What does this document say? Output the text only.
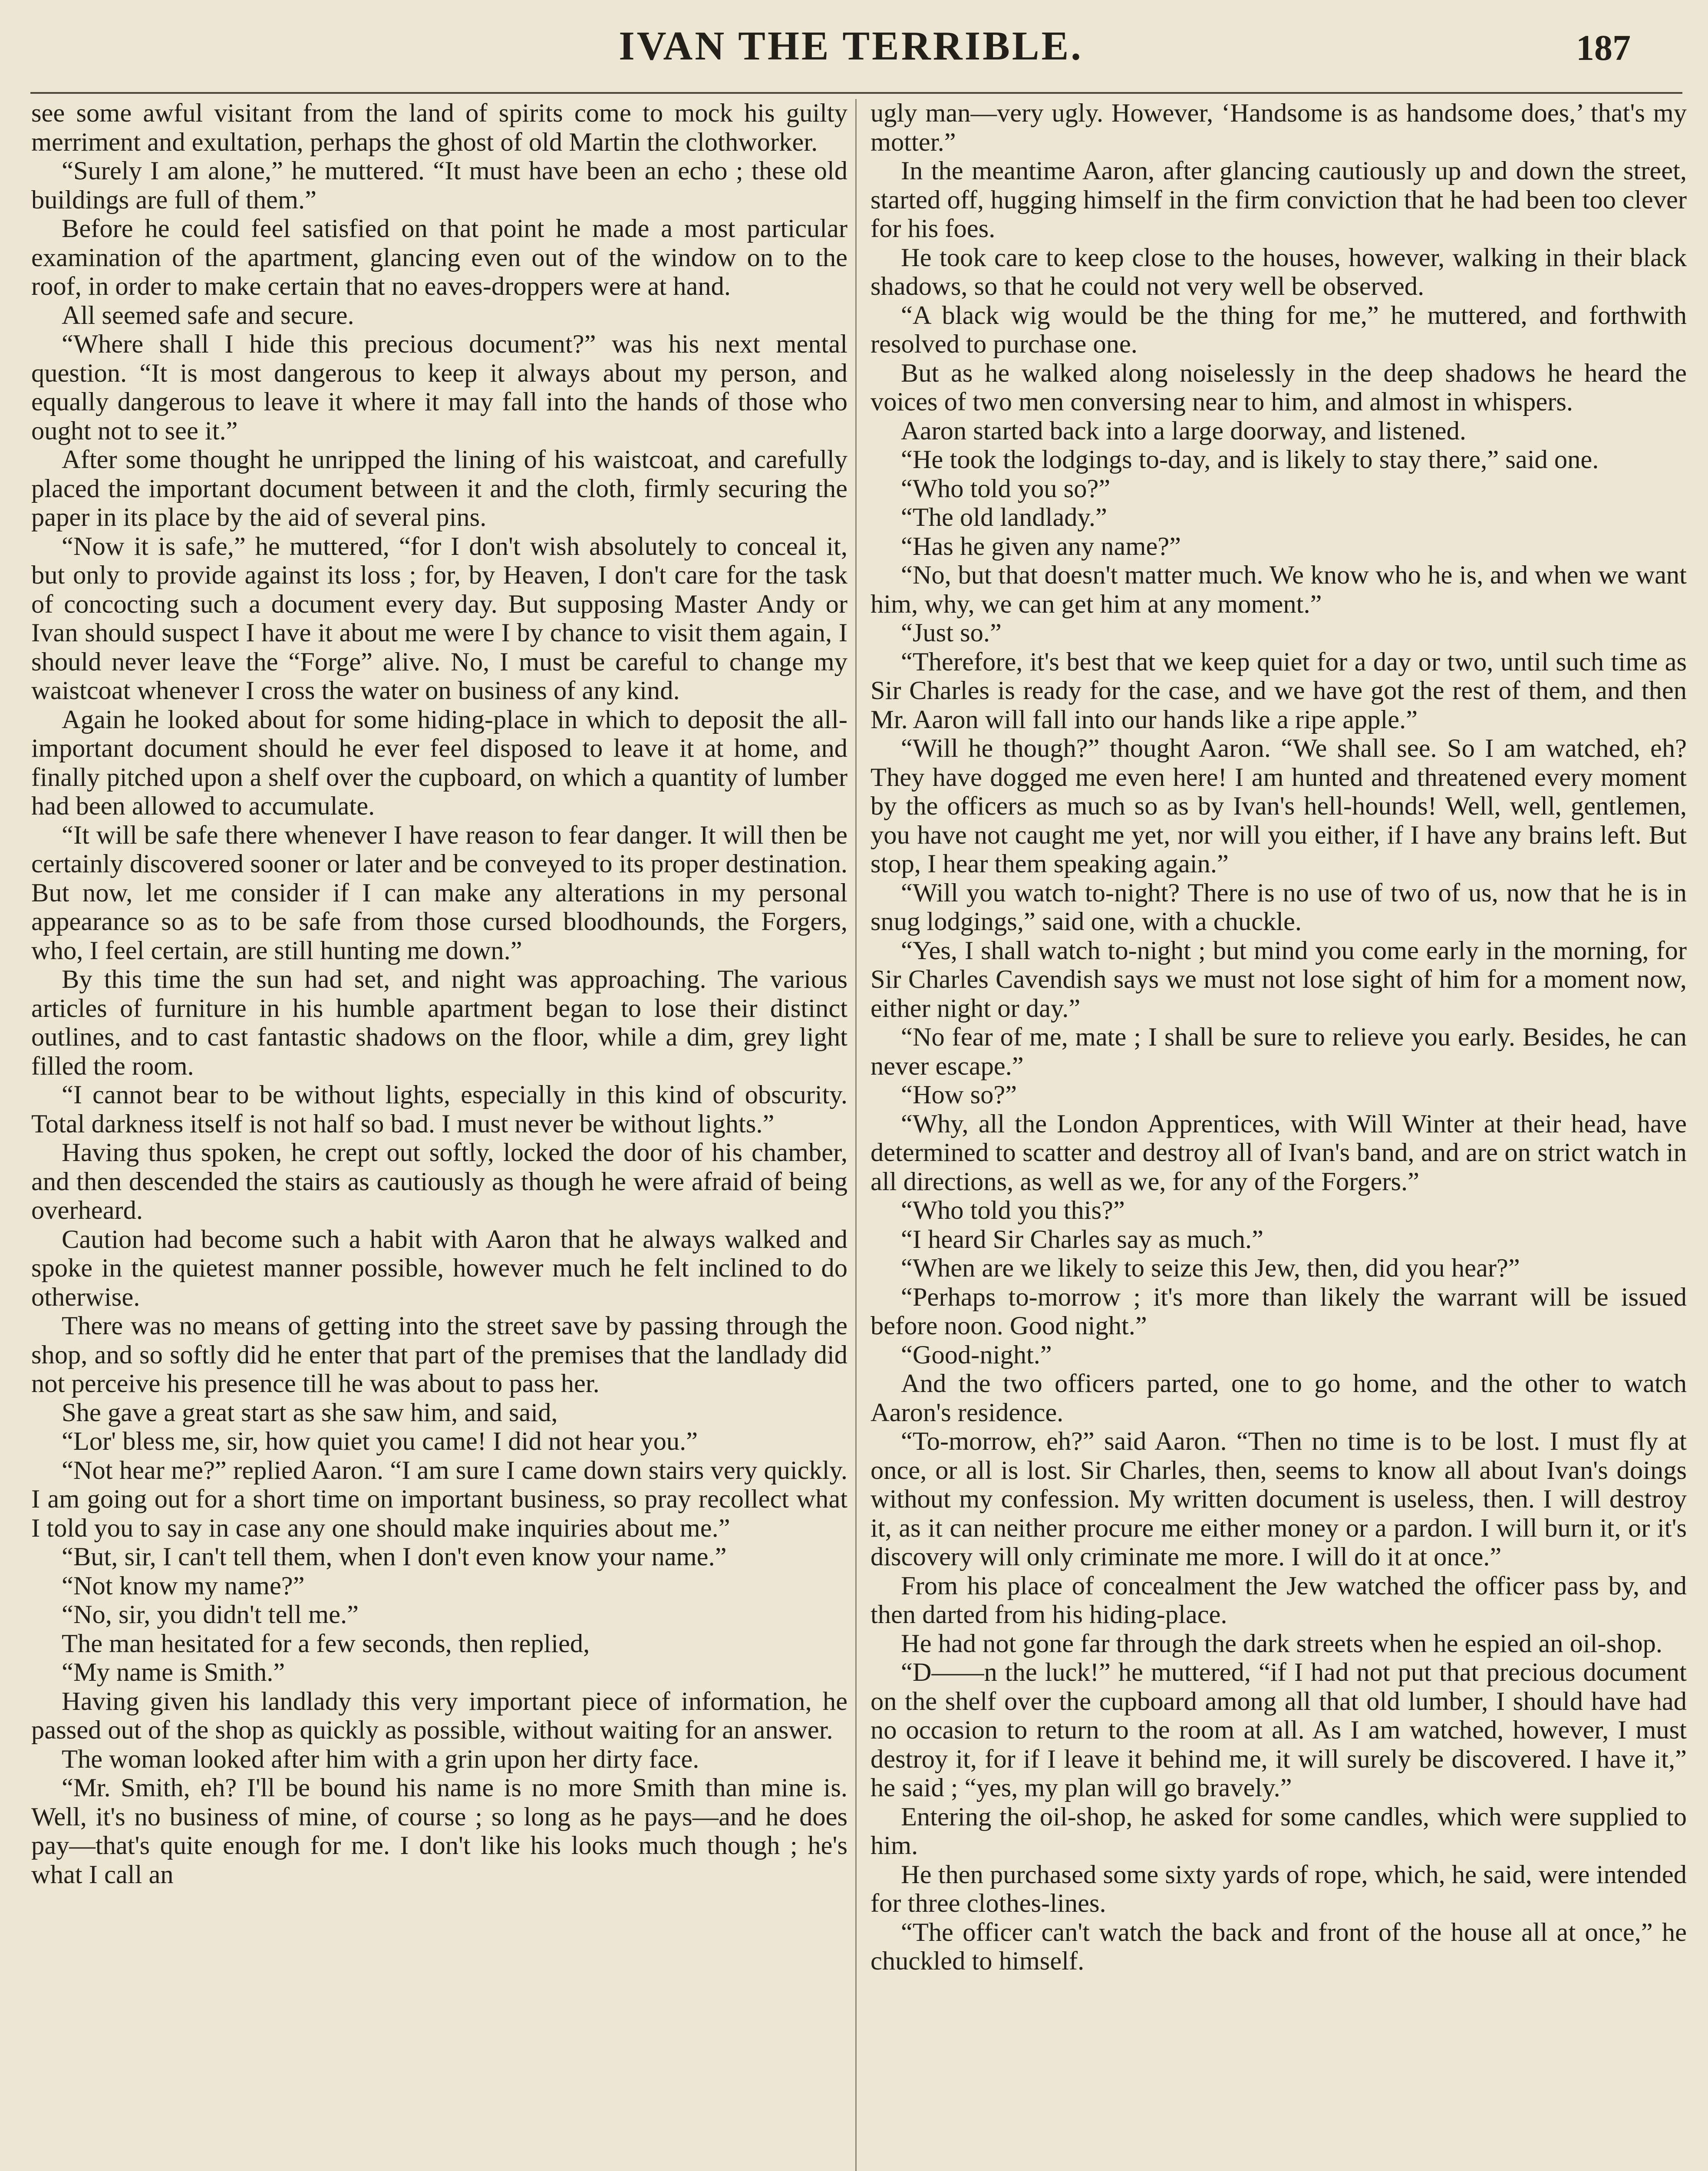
IVAN THE TERRIBLE.	187

see some awful visitant from the land of spirits come to mock his guilty merriment and exultation, perhaps the ghost of old Martin the clothworker.

“Surely I am alone,” he muttered. “It must have been an echo ; these old buildings are full of them.”

Before he could feel satisfied on that point he made a most particular examination of the apartment, glancing even out of the window on to the roof, in order to make certain that no eaves-droppers were at hand.

All seemed safe and secure.

“Where shall I hide this precious document?” was his next mental question. “It is most dangerous to keep it always about my person, and equally dangerous to leave it where it may fall into the hands of those who ought not to see it.”

After some thought he unripped the lining of his waistcoat, and carefully placed the important document between it and the cloth, firmly securing the paper in its place by the aid of several pins.

“Now it is safe,” he muttered, “for I don't wish absolutely to conceal it, but only to provide against its loss ; for, by Heaven, I don't care for the task of concocting such a document every day. But supposing Master Andy or Ivan should suspect I have it about me were I by chance to visit them again, I should never leave the “Forge” alive. No, I must be careful to change my waistcoat whenever I cross the water on business of any kind.

Again he looked about for some hiding-place in which to deposit the all-important document should he ever feel disposed to leave it at home, and finally pitched upon a shelf over the cupboard, on which a quantity of lumber had been allowed to accumulate.

“It will be safe there whenever I have reason to fear danger. It will then be certainly discovered sooner or later and be conveyed to its proper destination. But now, let me consider if I can make any alterations in my personal appearance so as to be safe from those cursed bloodhounds, the Forgers, who, I feel certain, are still hunting me down.”

By this time the sun had set, and night was approaching. The various articles of furniture in his humble apartment began to lose their distinct outlines, and to cast fantastic shadows on the floor, while a dim, grey light filled the room.

“I cannot bear to be without lights, especially in this kind of obscurity. Total darkness itself is not half so bad. I must never be without lights.”

Having thus spoken, he crept out softly, locked the door of his chamber, and then descended the stairs as cautiously as though he were afraid of being overheard.

Caution had become such a habit with Aaron that he always walked and spoke in the quietest manner possible, however much he felt inclined to do otherwise.

There was no means of getting into the street save by passing through the shop, and so softly did he enter that part of the premises that the landlady did not perceive his presence till he was about to pass her.

She gave a great start as she saw him, and said,

“Lor' bless me, sir, how quiet you came! I did not hear you.”

“Not hear me?” replied Aaron. “I am sure I came down stairs very quickly. I am going out for a short time on important business, so pray recollect what I told you to say in case any one should make inquiries about me.”

“But, sir, I can't tell them, when I don't even know your name.”

“Not know my name?”

“No, sir, you didn't tell me.”

The man hesitated for a few seconds, then replied,

“My name is Smith.”

Having given his landlady this very important piece of information, he passed out of the shop as quickly as possible, without waiting for an answer.

The woman looked after him with a grin upon her dirty face.

“Mr. Smith, eh? I'll be bound his name is no more Smith than mine is. Well, it's no business of mine, of course ; so long as he pays—and he does pay—that's quite enough for me. I don't like his looks much though ; he's what I call an

ugly man—very ugly. However, ‘Handsome is as handsome does,’ that's my motter.”

In the meantime Aaron, after glancing cautiously up and down the street, started off, hugging himself in the firm conviction that he had been too clever for his foes.

He took care to keep close to the houses, however, walking in their black shadows, so that he could not very well be observed.

“A black wig would be the thing for me,” he muttered, and forthwith resolved to purchase one.

But as he walked along noiselessly in the deep shadows he heard the voices of two men conversing near to him, and almost in whispers.

Aaron started back into a large doorway, and listened.

“He took the lodgings to-day, and is likely to stay there,” said one.

“Who told you so?”

“The old landlady.”

“Has he given any name?”

“No, but that doesn't matter much. We know who he is, and when we want him, why, we can get him at any moment.”

“Just so.”

“Therefore, it's best that we keep quiet for a day or two, until such time as Sir Charles is ready for the case, and we have got the rest of them, and then Mr. Aaron will fall into our hands like a ripe apple.”

“Will he though?” thought Aaron. “We shall see. So I am watched, eh? They have dogged me even here! I am hunted and threatened every moment by the officers as much so as by Ivan's hell-hounds! Well, well, gentlemen, you have not caught me yet, nor will you either, if I have any brains left. But stop, I hear them speaking again.”

“Will you watch to-night? There is no use of two of us, now that he is in snug lodgings,” said one, with a chuckle.

“Yes, I shall watch to-night ; but mind you come early in the morning, for Sir Charles Cavendish says we must not lose sight of him for a moment now, either night or day.”

“No fear of me, mate ; I shall be sure to relieve you early. Besides, he can never escape.”

“How so?”

“Why, all the London Apprentices, with Will Winter at their head, have determined to scatter and destroy all of Ivan's band, and are on strict watch in all directions, as well as we, for any of the Forgers.”

“Who told you this?”

“I heard Sir Charles say as much.”

“When are we likely to seize this Jew, then, did you hear?”

“Perhaps to-morrow ; it's more than likely the warrant will be issued before noon. Good night.”

“Good-night.”

And the two officers parted, one to go home, and the other to watch Aaron's residence.

“To-morrow, eh?” said Aaron. “Then no time is to be lost. I must fly at once, or all is lost. Sir Charles, then, seems to know all about Ivan's doings without my confession. My written document is useless, then. I will destroy it, as it can neither procure me either money or a pardon. I will burn it, or it's discovery will only criminate me more. I will do it at once.”

From his place of concealment the Jew watched the officer pass by, and then darted from his hiding-place.

He had not gone far through the dark streets when he espied an oil-shop.

“D——n the luck!” he muttered, “if I had not put that precious document on the shelf over the cupboard among all that old lumber, I should have had no occasion to return to the room at all. As I am watched, however, I must destroy it, for if I leave it behind me, it will surely be discovered. I have it,” he said ; “yes, my plan will go bravely.”

Entering the oil-shop, he asked for some candles, which were supplied to him.

He then purchased some sixty yards of rope, which, he said, were intended for three clothes-lines.

“The officer can't watch the back and front of the house all at once,” he chuckled to himself.
